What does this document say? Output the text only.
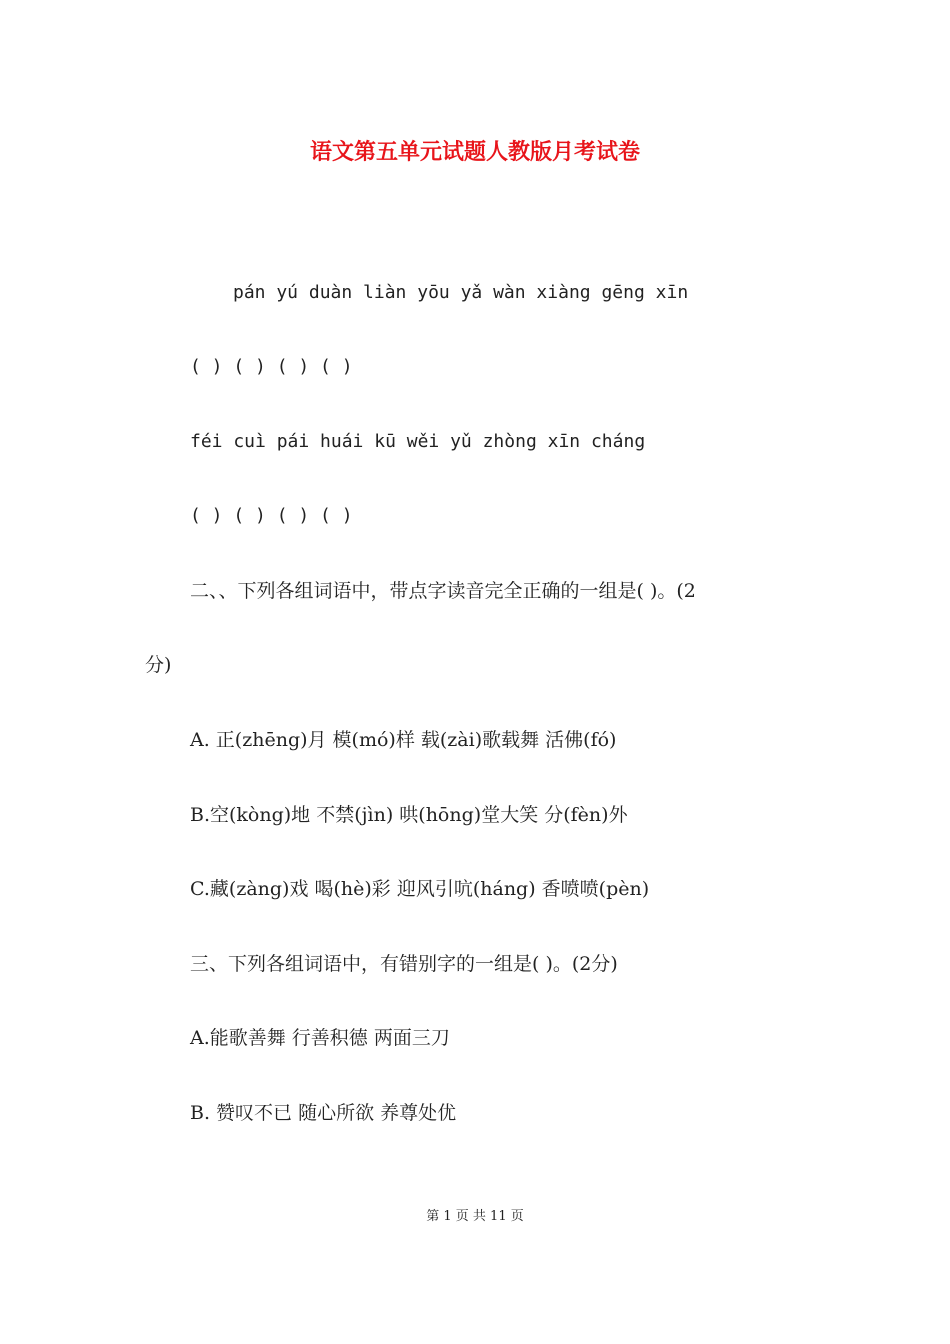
语文第五单元试题人教版月考试卷
pán yú duàn liàn yōu yǎ wàn xiàng gēng xīn
( ) ( ) ( ) ( )
féi cuì pái huái kū wěi yǔ zhòng xīn cháng
( ) ( ) ( ) ( )
二、、下列各组词语中，带点字读音完全正确的一组是( )。(2
分)
A. 正(zhēng)月 模(mó)样 载(zài)歌载舞 活佛(fó)
B.空(kòng)地 不禁(jìn) 哄(hōng)堂大笑 分(fèn)外
C.藏(zàng)戏 喝(hè)彩 迎风引吭(háng) 香喷喷(pèn)
三、下列各组词语中，有错别字的一组是( )。(2分)
A.能歌善舞 行善积德 两面三刀
B. 赞叹不已 随心所欲 养尊处优
第 1 页 共 11 页
